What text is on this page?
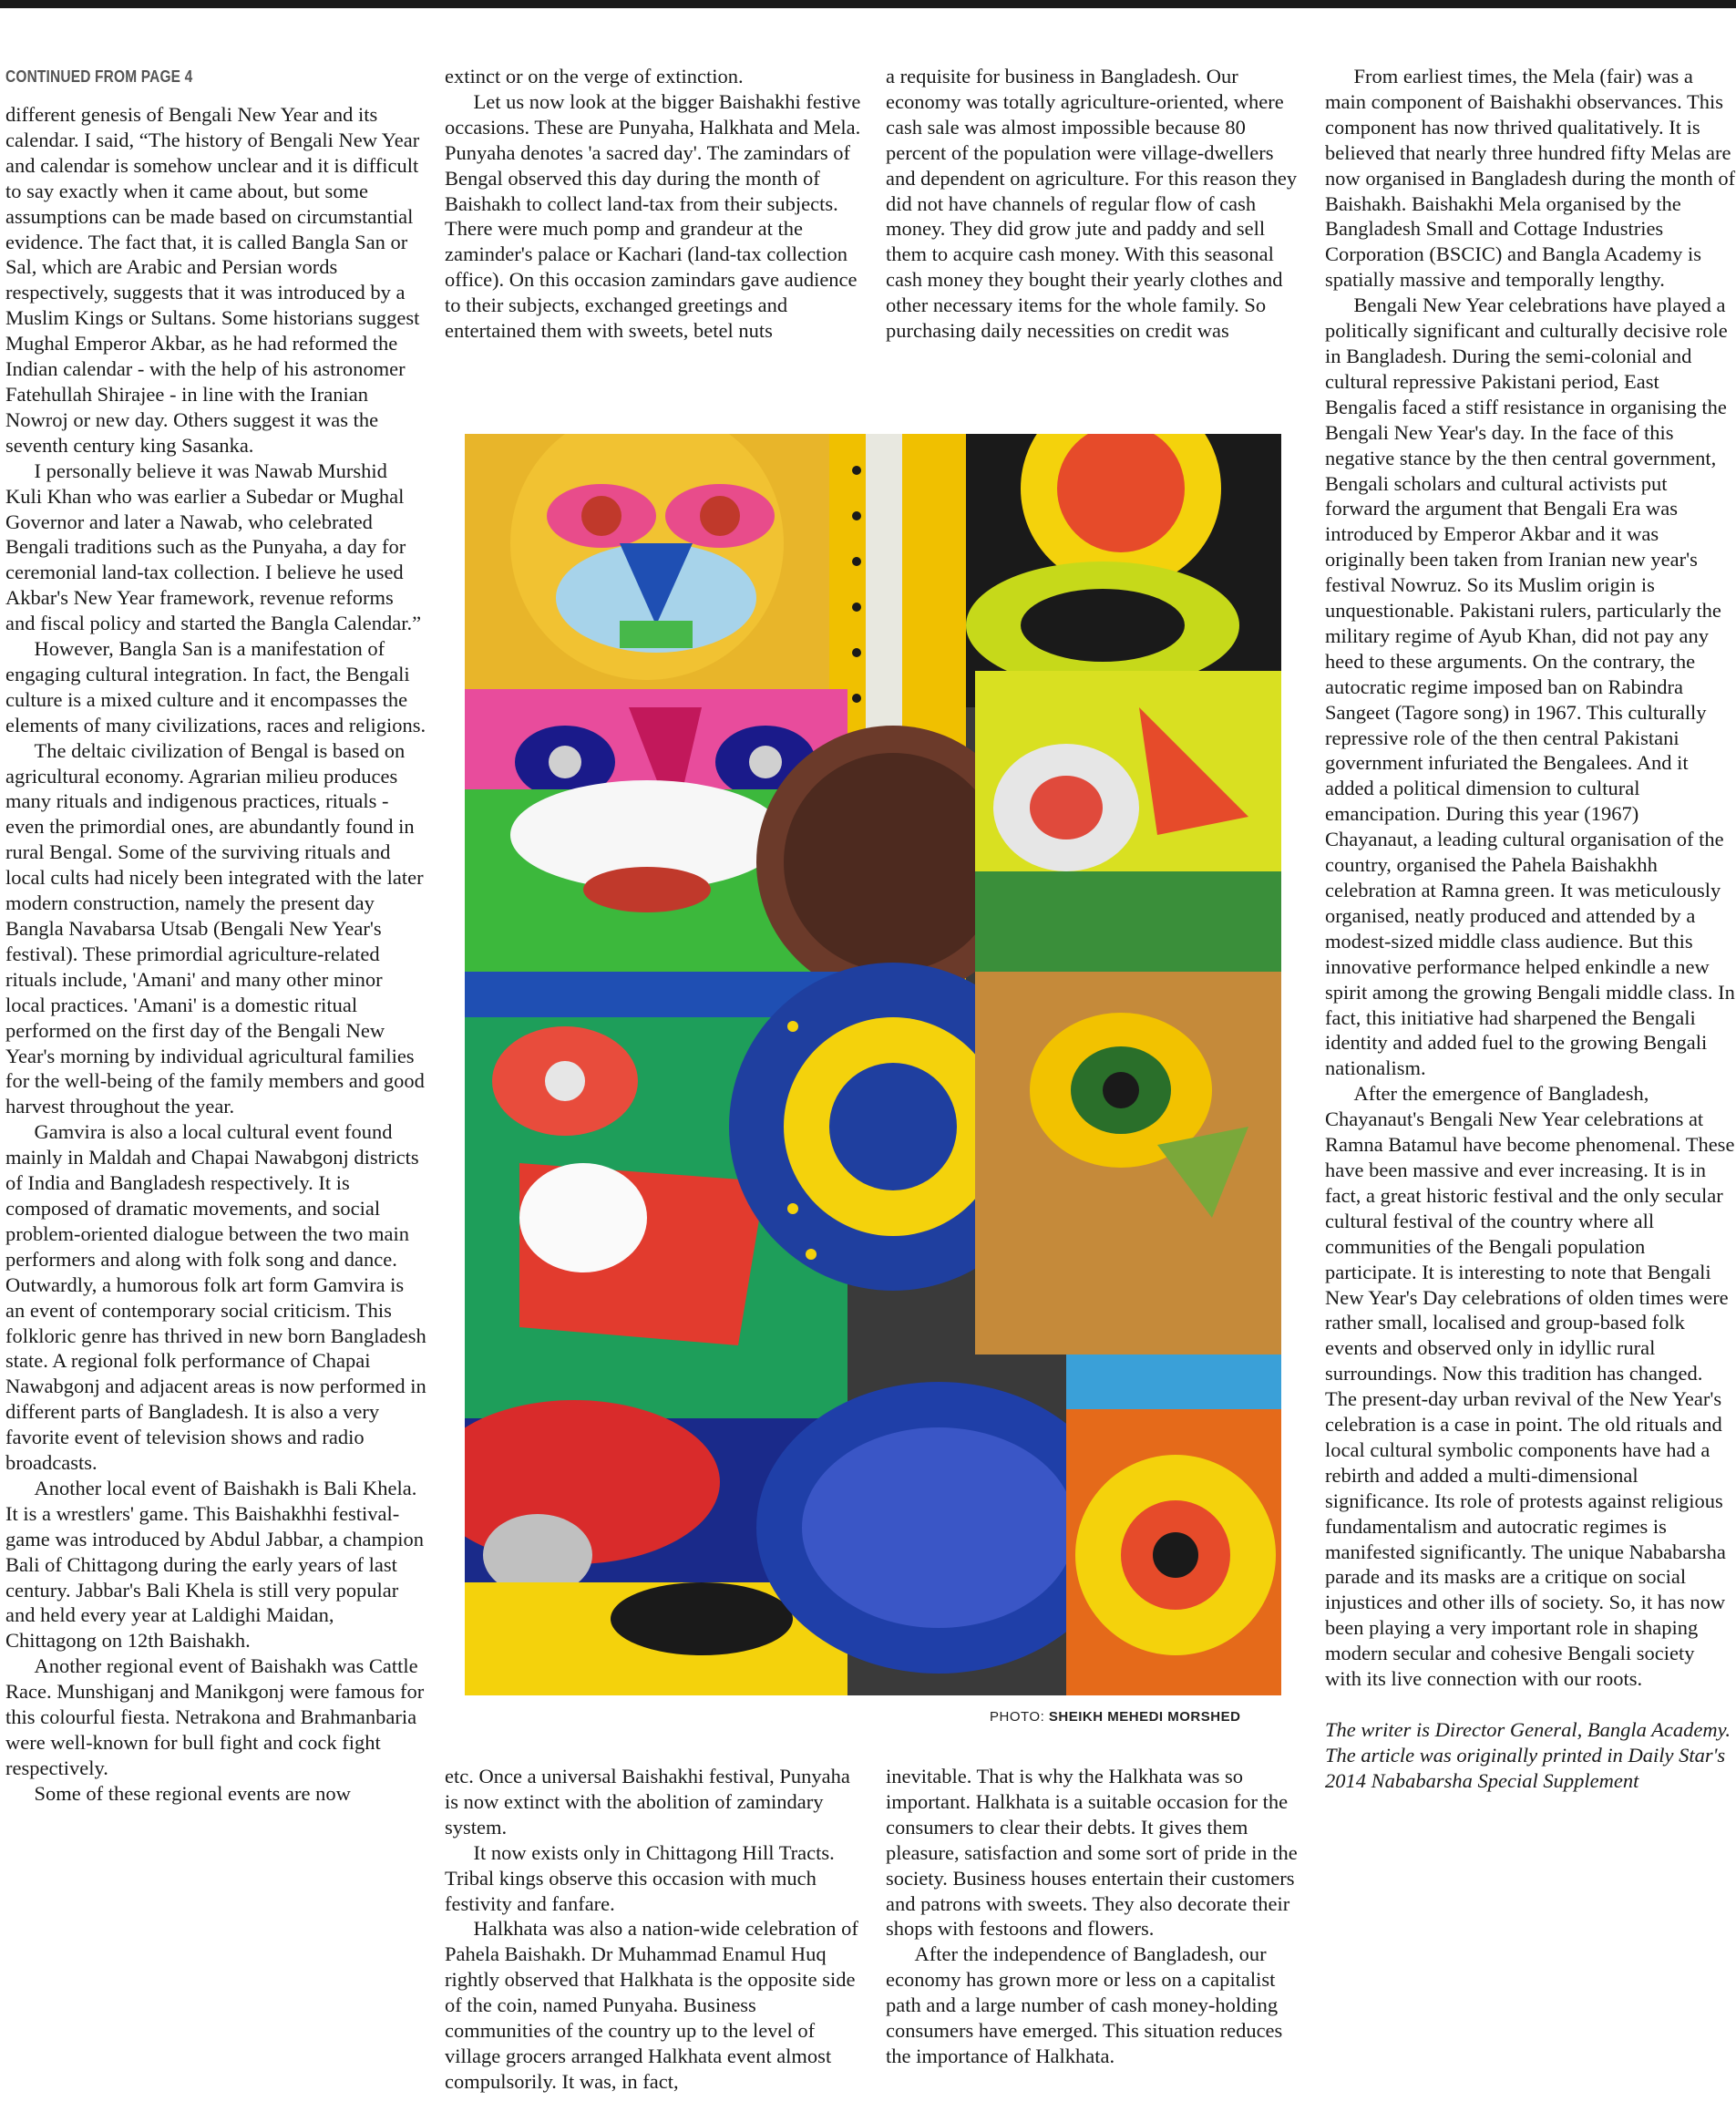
CONTINUED FROM PAGE 4

different genesis of Bengali New Year and its calendar. I said, “The history of Bengali New Year and calendar is somehow unclear and it is difficult to say exactly when it came about, but some assumptions can be made based on circumstantial evidence. The fact that, it is called Bangla San or Sal, which are Arabic and Persian words respectively, suggests that it was introduced by a Muslim Kings or Sultans. Some historians suggest Mughal Emperor Akbar, as he had reformed the Indian calendar - with the help of his astronomer Fatehullah Shirajee - in line with the Iranian Nowroj or new day. Others suggest it was the seventh century king Sasanka.

I personally believe it was Nawab Murshid Kuli Khan who was earlier a Subedar or Mughal Governor and later a Nawab, who celebrated Bengali traditions such as the Punyaha, a day for ceremonial land-tax collection. I believe he used Akbar's New Year framework, revenue reforms and fiscal policy and started the Bangla Calendar.”

However, Bangla San is a manifestation of engaging cultural integration. In fact, the Bengali culture is a mixed culture and it encompasses the elements of many civilizations, races and religions.

The deltaic civilization of Bengal is based on agricultural economy. Agrarian milieu produces many rituals and indigenous practices, rituals - even the primordial ones, are abundantly found in rural Bengal. Some of the surviving rituals and local cults had nicely been integrated with the later modern construction, namely the present day Bangla Navabarsa Utsab (Bengali New Year's festival). These primordial agriculture-related rituals include, 'Amani' and many other minor local practices. 'Amani' is a domestic ritual performed on the first day of the Bengali New Year's morning by individual agricultural families for the well-being of the family members and good harvest throughout the year.

Gamvira is also a local cultural event found mainly in Maldah and Chapai Nawabgonj districts of India and Bangladesh respectively. It is composed of dramatic movements, and social problem-oriented dialogue between the two main performers and along with folk song and dance. Outwardly, a humorous folk art form Gamvira is an event of contemporary social criticism. This folkloric genre has thrived in new born Bangladesh state. A regional folk performance of Chapai Nawabgonj and adjacent areas is now performed in different parts of Bangladesh. It is also a very favorite event of television shows and radio broadcasts.

Another local event of Baishakh is Bali Khela. It is a wrestlers' game. This Baishakhhi festival-game was introduced by Abdul Jabbar, a champion Bali of Chittagong during the early years of last century. Jabbar's Bali Khela is still very popular and held every year at Laldighi Maidan, Chittagong on 12th Baishakh.

Another regional event of Baishakh was Cattle Race. Munshiganj and Manikgonj were famous for this colourful fiesta. Netrakona and Brahmanbaria were well-known for bull fight and cock fight respectively.

Some of these regional events are now

extinct or on the verge of extinction.

Let us now look at the bigger Baishakhi festive occasions. These are Punyaha, Halkhata and Mela. Punyaha denotes 'a sacred day'. The zamindars of Bengal observed this day during the month of Baishakh to collect land-tax from their subjects. There were much pomp and grandeur at the zaminder's palace or Kachari (land-tax collection office). On this occasion zamindars gave audience to their subjects, exchanged greetings and entertained them with sweets, betel nuts

a requisite for business in Bangladesh. Our economy was totally agriculture-oriented, where cash sale was almost impossible because 80 percent of the population were village-dwellers and dependent on agriculture. For this reason they did not have channels of regular flow of cash money. They did grow jute and paddy and sell them to acquire cash money. With this seasonal cash money they bought their yearly clothes and other necessary items for the whole family. So purchasing daily necessities on credit was

PHOTO: SHEIKH MEHEDI MORSHED

etc. Once a universal Baishakhi festival, Punyaha is now extinct with the abolition of zamindary system.

It now exists only in Chittagong Hill Tracts. Tribal kings observe this occasion with much festivity and fanfare.

Halkhata was also a nation-wide celebration of Pahela Baishakh. Dr Muhammad Enamul Huq rightly observed that Halkhata is the opposite side of the coin, named Punyaha. Business communities of the country up to the level of village grocers arranged Halkhata event almost compulsorily. It was, in fact,

inevitable. That is why the Halkhata was so important. Halkhata is a suitable occasion for the consumers to clear their debts. It gives them pleasure, satisfaction and some sort of pride in the society. Business houses entertain their customers and patrons with sweets. They also decorate their shops with festoons and flowers.

After the independence of Bangladesh, our economy has grown more or less on a capitalist path and a large number of cash money-holding consumers have emerged. This situation reduces the importance of Halkhata.

From earliest times, the Mela (fair) was a main component of Baishakhi observances. This component has now thrived qualitatively. It is believed that nearly three hundred fifty Melas are now organised in Bangladesh during the month of Baishakh. Baishakhi Mela organised by the Bangladesh Small and Cottage Industries Corporation (BSCIC) and Bangla Academy is spatially massive and temporally lengthy.

Bengali New Year celebrations have played a politically significant and culturally decisive role in Bangladesh. During the semi-colonial and cultural repressive Pakistani period, East Bengalis faced a stiff resistance in organising the Bengali New Year's day. In the face of this negative stance by the then central government, Bengali scholars and cultural activists put forward the argument that Bengali Era was introduced by Emperor Akbar and it was originally been taken from Iranian new year's festival Nowruz. So its Muslim origin is unquestionable. Pakistani rulers, particularly the military regime of Ayub Khan, did not pay any heed to these arguments. On the contrary, the autocratic regime imposed ban on Rabindra Sangeet (Tagore song) in 1967. This culturally repressive role of the then central Pakistani government infuriated the Bengalees. And it added a political dimension to cultural emancipation. During this year (1967) Chayanaut, a leading cultural organisation of the country, organised the Pahela Baishakhh celebration at Ramna green. It was meticulously organised, neatly produced and attended by a modest-sized middle class audience. But this innovative performance helped enkindle a new spirit among the growing Bengali middle class. In fact, this initiative had sharpened the Bengali identity and added fuel to the growing Bengali nationalism.

After the emergence of Bangladesh, Chayanaut's Bengali New Year celebrations at Ramna Batamul have become phenomenal. These have been massive and ever increasing. It is in fact, a great historic festival and the only secular cultural festival of the country where all communities of the Bengali population participate. It is interesting to note that Bengali New Year's Day celebrations of olden times were rather small, localised and group-based folk events and observed only in idyllic rural surroundings. Now this tradition has changed. The present-day urban revival of the New Year's celebration is a case in point. The old rituals and local cultural symbolic components have had a rebirth and added a multi-dimensional significance. Its role of protests against religious fundamentalism and autocratic regimes is manifested significantly. The unique Nababarsha parade and its masks are a critique on social injustices and other ills of society. So, it has now been playing a very important role in shaping modern secular and cohesive Bengali society with its live connection with our roots.

The writer is Director General, Bangla Academy.

The article was originally printed in Daily Star's 2014 Nababarsha Special Supplement
